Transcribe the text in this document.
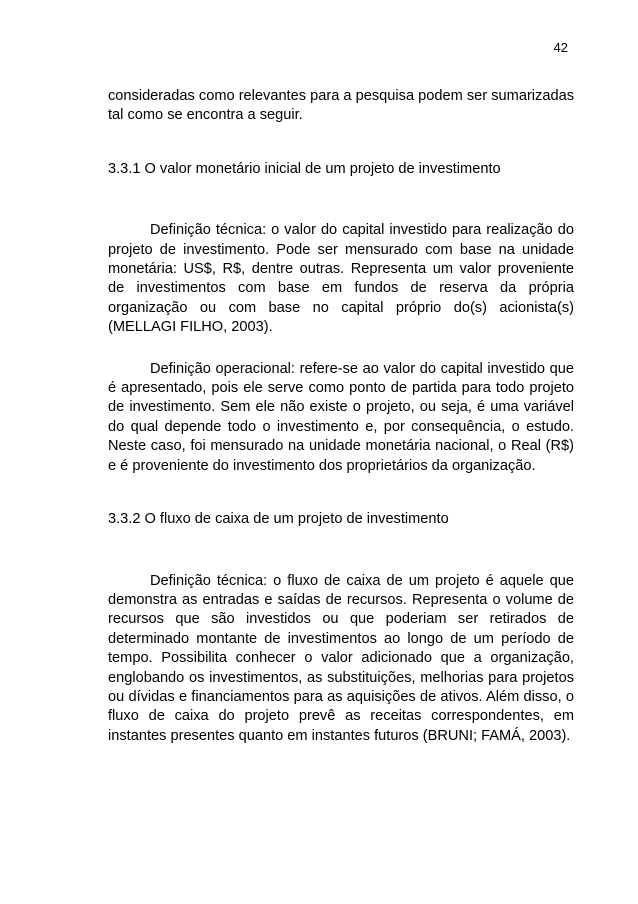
42

consideradas como relevantes para a pesquisa podem ser sumarizadas tal como se encontra a seguir.

3.3.1 O valor monetário inicial de um projeto de investimento

Definição técnica: o valor do capital investido para realização do projeto de investimento. Pode ser mensurado com base na unidade monetária: US$, R$, dentre outras. Representa um valor proveniente de investimentos com base em fundos de reserva da própria organização ou com base no capital próprio do(s) acionista(s) (MELLAGI FILHO, 2003).

Definição operacional: refere-se ao valor do capital investido que é apresentado, pois ele serve como ponto de partida para todo projeto de investimento. Sem ele não existe o projeto, ou seja, é uma variável do qual depende todo o investimento e, por consequência, o estudo. Neste caso, foi mensurado na unidade monetária nacional, o Real (R$) e é proveniente do investimento dos proprietários da organização.

3.3.2 O fluxo de caixa de um projeto de investimento

Definição técnica: o fluxo de caixa de um projeto é aquele que demonstra as entradas e saídas de recursos. Representa o volume de recursos que são investidos ou que poderiam ser retirados de determinado montante de investimentos ao longo de um período de tempo. Possibilita conhecer o valor adicionado que a organização, englobando os investimentos, as substituições, melhorias para projetos ou dívidas e financiamentos para as aquisições de ativos. Além disso, o fluxo de caixa do projeto prevê as receitas correspondentes, em instantes presentes quanto em instantes futuros (BRUNI; FAMÁ, 2003).
